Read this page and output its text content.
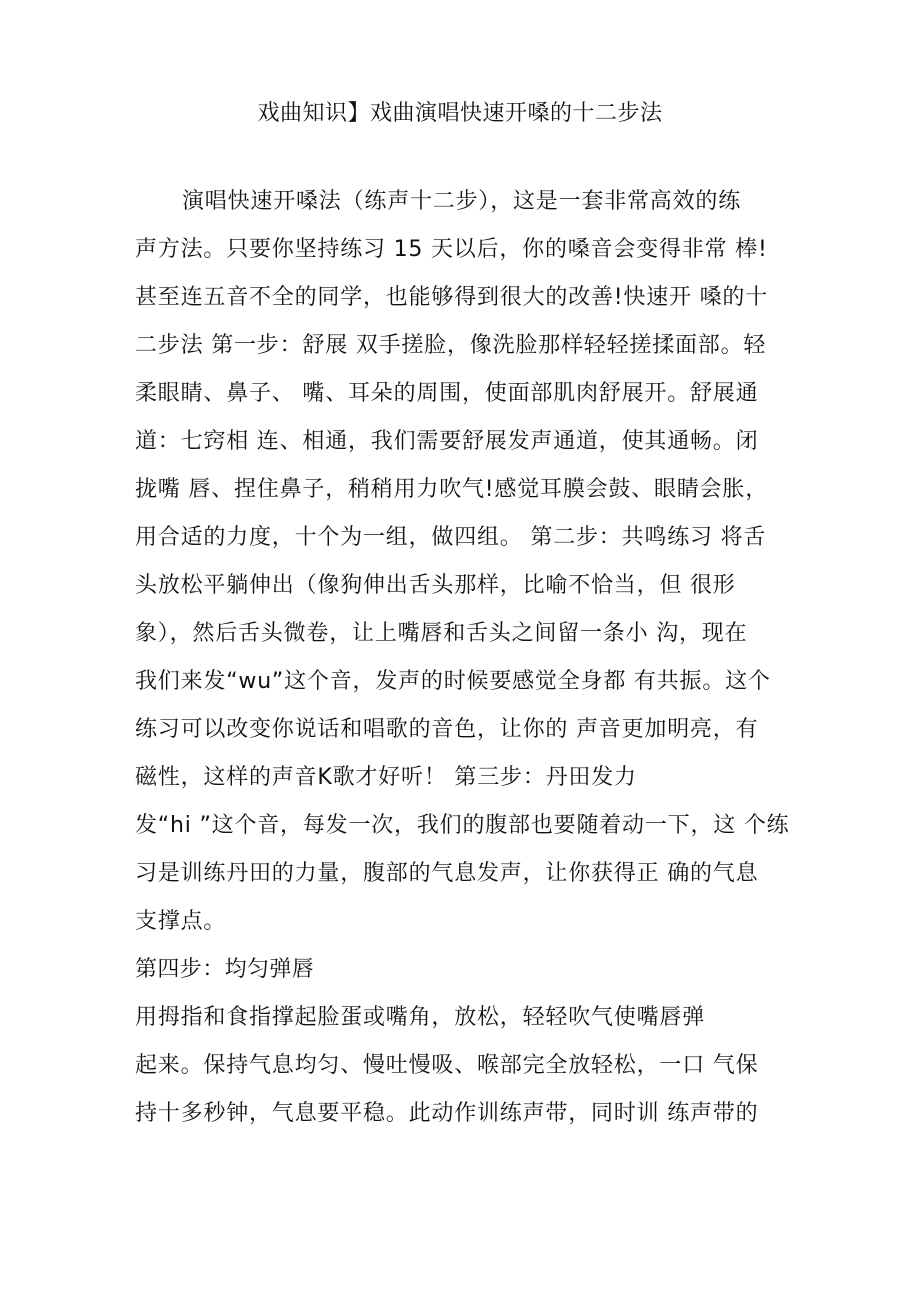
戏曲知识】戏曲演唱快速开嗓的十二步法
演唱快速开嗓法（练声十二步），这是一套非常高效的练
声方法。只要你坚持练习 15 天以后，你的嗓音会变得非常 棒!
甚至连五音不全的同学，也能够得到很大的改善!快速开 嗓的十
二步法 第一步：舒展 双手搓脸，像洗脸那样轻轻搓揉面部。轻
柔眼睛、鼻子、 嘴、耳朵的周围，使面部肌肉舒展开。舒展通
道：七窍相 连、相通，我们需要舒展发声通道，使其通畅。闭
拢嘴 唇、捏住鼻子，稍稍用力吹气!感觉耳膜会鼓、眼睛会胀，
用合适的力度，十个为一组，做四组。 第二步：共鸣练习 将舌
头放松平躺伸出（像狗伸出舌头那样，比喻不恰当，但 很形
象），然后舌头微卷，让上嘴唇和舌头之间留一条小 沟，现在
我们来发“wu”这个音，发声的时候要感觉全身都 有共振。这个
练习可以改变你说话和唱歌的音色，让你的 声音更加明亮，有
磁性，这样的声音K歌才好听！ 第三步：丹田发力
发“hi ”这个音，每发一次，我们的腹部也要随着动一下，这 个练
习是训练丹田的力量，腹部的气息发声，让你获得正 确的气息
支撑点。
第四步：均匀弹唇
用拇指和食指撑起脸蛋或嘴角，放松，轻轻吹气使嘴唇弹
起来。保持气息均匀、慢吐慢吸、喉部完全放轻松，一口 气保
持十多秒钟，气息要平稳。此动作训练声带，同时训 练声带的
